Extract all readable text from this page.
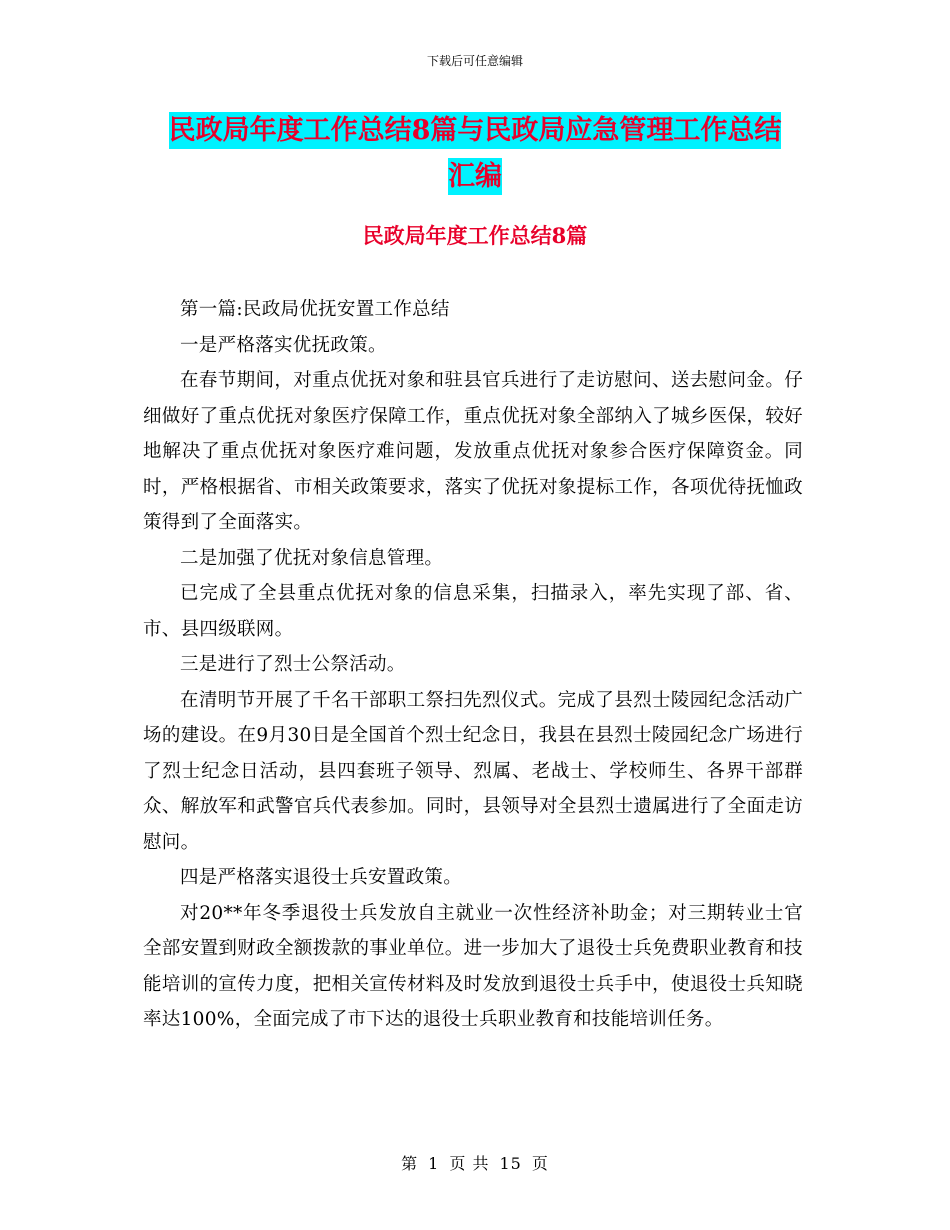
下载后可任意编辑
民政局年度工作总结8篇与民政局应急管理工作总结
汇编
民政局年度工作总结8篇

第一篇:民政局优抚安置工作总结

一是严格落实优抚政策。

在春节期间，对重点优抚对象和驻县官兵进行了走访慰问、送去慰问金。仔细做好了重点优抚对象医疗保障工作，重点优抚对象全部纳入了城乡医保，较好地解决了重点优抚对象医疗难问题，发放重点优抚对象参合医疗保障资金。同时，严格根据省、市相关政策要求，落实了优抚对象提标工作，各项优待抚恤政策得到了全面落实。

二是加强了优抚对象信息管理。

已完成了全县重点优抚对象的信息采集，扫描录入，率先实现了部、省、市、县四级联网。

三是进行了烈士公祭活动。

在清明节开展了千名干部职工祭扫先烈仪式。完成了县烈士陵园纪念活动广场的建设。在9月30日是全国首个烈士纪念日，我县在县烈士陵园纪念广场进行了烈士纪念日活动，县四套班子领导、烈属、老战士、学校师生、各界干部群众、解放军和武警官兵代表参加。同时，县领导对全县烈士遗属进行了全面走访慰问。

四是严格落实退役士兵安置政策。

对20**年冬季退役士兵发放自主就业一次性经济补助金；对三期转业士官全部安置到财政全额拨款的事业单位。进一步加大了退役士兵免费职业教育和技能培训的宣传力度，把相关宣传材料及时发放到退役士兵手中，使退役士兵知晓率达100%，全面完成了市下达的退役士兵职业教育和技能培训任务。

第 1 页 共 15 页
